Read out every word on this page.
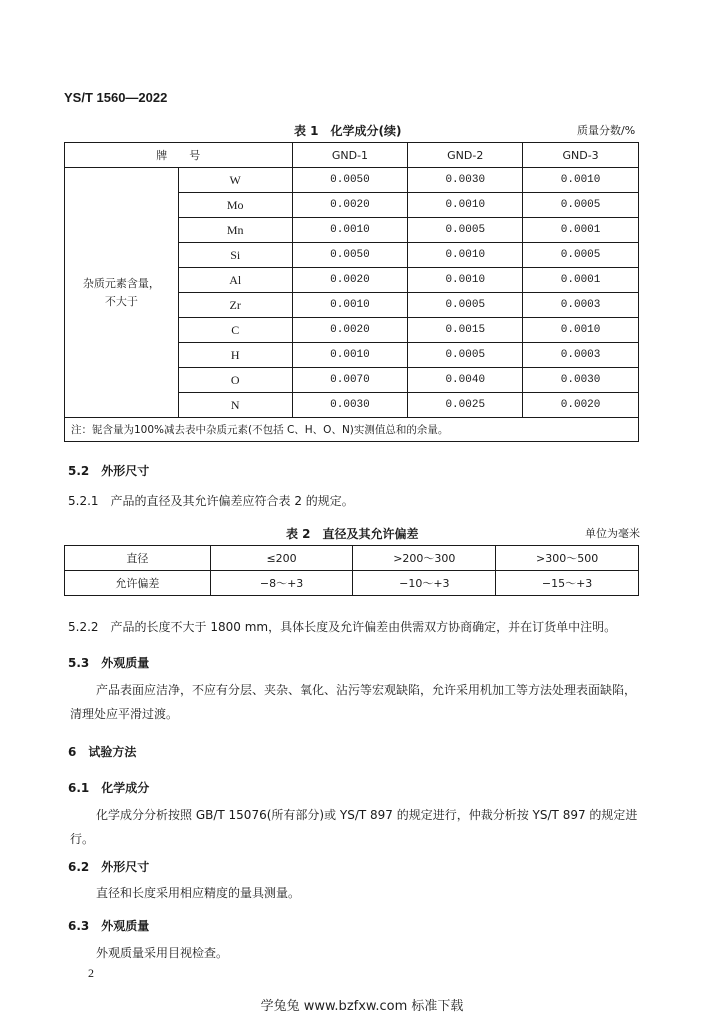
YS/T 1560—2022
表 1　化学成分(续)	质量分数/%
牌　　号		GND-1	GND-2	GND-3
杂质元素含量，不大于	W	0.0050	0.0030	0.0010
	Mo	0.0020	0.0010	0.0005
	Mn	0.0010	0.0005	0.0001
	Si	0.0050	0.0010	0.0005
	Al	0.0020	0.0010	0.0001
	Zr	0.0010	0.0005	0.0003
	C	0.0020	0.0015	0.0010
	H	0.0010	0.0005	0.0003
	O	0.0070	0.0040	0.0030
	N	0.0030	0.0025	0.0020
注：铌含量为100%减去表中杂质元素(不包括 C、H、O、N)实测值总和的余量。				
5.2　外形尺寸
5.2.1　产品的直径及其允许偏差应符合表 2 的规定。
表 2　直径及其允许偏差	单位为毫米
直径	≤200	>200～300	>300～500
允许偏差	−8～+3	−10～+3	−15～+3
5.2.2　产品的长度不大于 1800 mm，具体长度及允许偏差由供需双方协商确定，并在订货单中注明。
5.3　外观质量
产品表面应洁净，不应有分层、夹杂、氧化、沾污等宏观缺陷，允许采用机加工等方法处理表面缺陷，清理处应平滑过渡。
6　试验方法
6.1　化学成分
化学成分分析按照 GB/T 15076(所有部分)或 YS/T 897 的规定进行，仲裁分析按 YS/T 897 的规定进行。
6.2　外形尺寸
直径和长度采用相应精度的量具测量。
6.3　外观质量
外观质量采用目视检查。
2
学兔兔 www.bzfxw.com 标准下载
